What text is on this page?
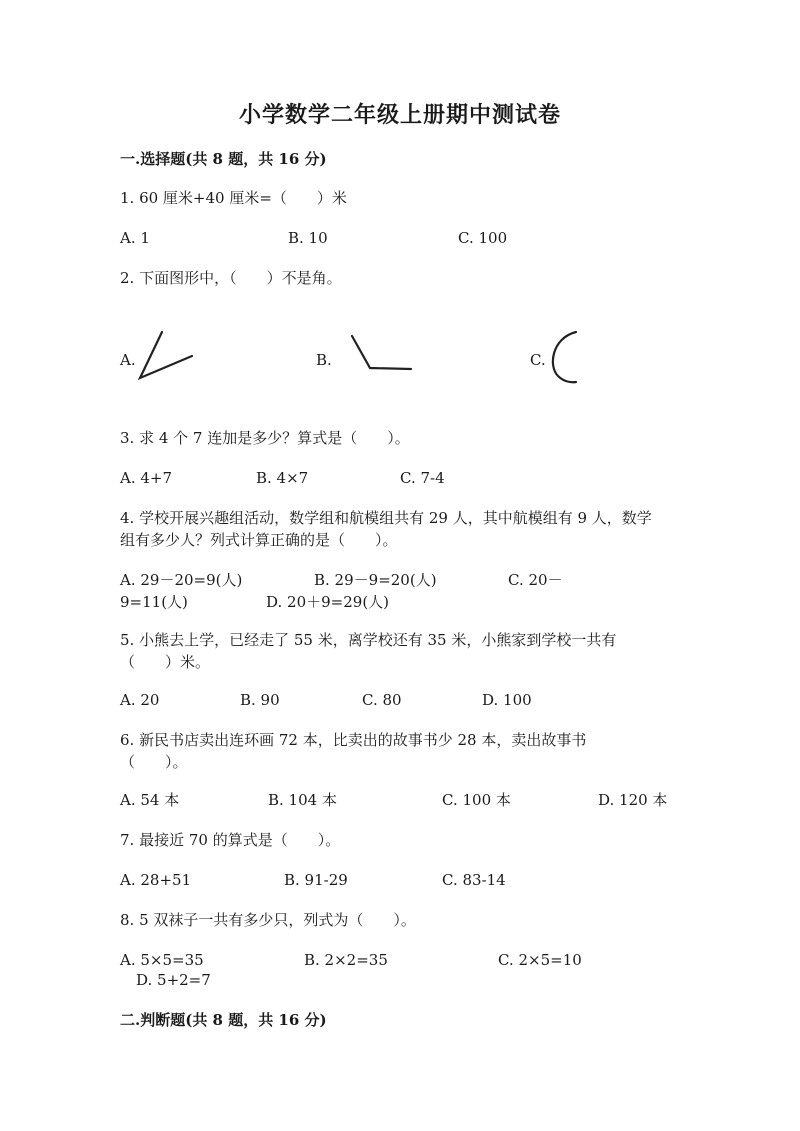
小学数学二年级上册期中测试卷
一.选择题(共 8 题，共 16 分)
1. 60 厘米+40 厘米=（　　）米
A. 1	B. 10	C. 100
2. 下面图形中，（　　）不是角。
A.	B.	C.
3. 求 4 个 7 连加是多少？算式是（　　）。
A. 4+7	B. 4×7	C. 7-4
4. 学校开展兴趣组活动，数学组和航模组共有 29 人，其中航模组有 9 人，数学
组有多少人？列式计算正确的是（　　）。
A. 29－20=9(人)	B. 29－9=20(人)	C. 20－
9=11(人)	D. 20＋9=29(人)
5. 小熊去上学，已经走了 55 米，离学校还有 35 米，小熊家到学校一共有
（　　）米。
A. 20	B. 90	C. 80	D. 100
6. 新民书店卖出连环画 72 本，比卖出的故事书少 28 本，卖出故事书
（　　）。
A. 54 本	B. 104 本	C. 100 本	D. 120 本
7. 最接近 70 的算式是（　　）。
A. 28+51	B. 91-29	C. 83-14
8. 5 双袜子一共有多少只，列式为（　　）。
A. 5×5=35	B. 2×2=35	C. 2×5=10
D. 5+2=7
二.判断题(共 8 题，共 16 分)
